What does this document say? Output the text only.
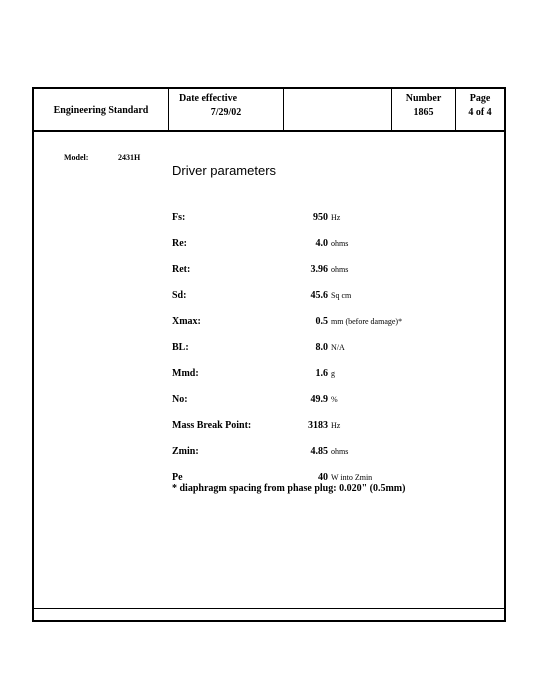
Engineering Standard
Date effective
7/29/02
Number
1865
Page
4 of 4
Model:	2431H
Driver parameters
Fs:	950 Hz
Re:	4.0 ohms
Ret:	3.96 ohms
Sd:	45.6 Sq cm
Xmax:	0.5 mm (before damage)*
BL:	8.0 N/A
Mmd:	1.6 g
No:	49.9 %
Mass Break Point:	3183 Hz
Zmin:	4.85 ohms
Pe	40 W into Zmin
* diaphragm spacing from phase plug: 0.020" (0.5mm)
